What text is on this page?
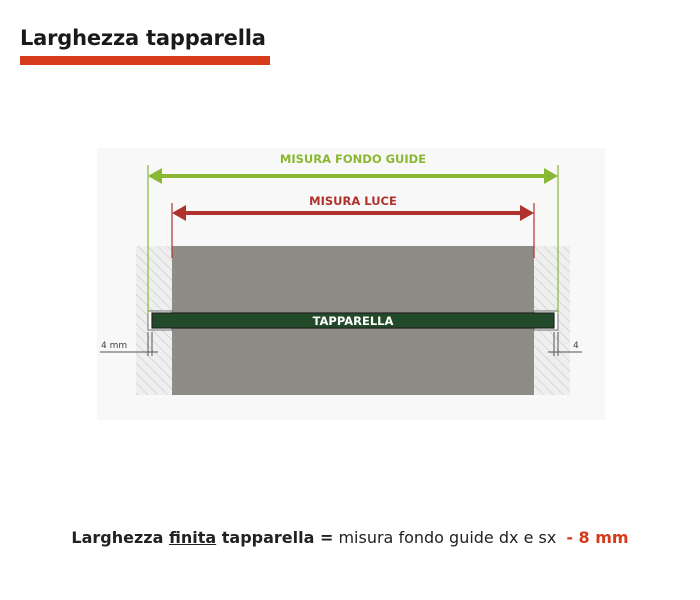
Larghezza tapparella
TAPPARELLA
MISURA FONDO GUIDE
MISURA LUCE
4 mm	4
Larghezza finita tapparella = misura fondo guide dx e sx - 8 mm
